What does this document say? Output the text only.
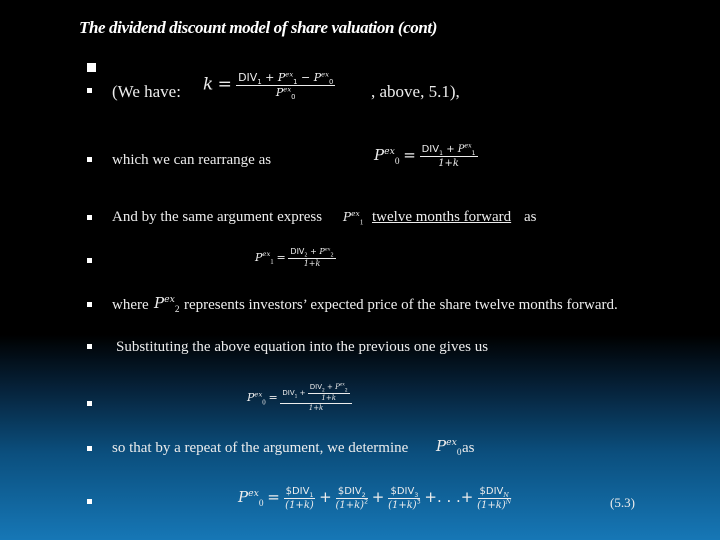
The dividend discount model of share valuation (cont)
(We have: $k = \frac{DIV_1 + P^{ex}_1 - P^{ex}_0}{P^{ex}_0}$ , above, 5.1),
which we can rearrange as	$P^{ex}_0 = \frac{DIV_1 + P^{ex}_1}{1+k}$
And by the same argument express $P^{ex}_1$ twelve months forward as
$P^{ex}_1 = \frac{DIV_2 + P^{ex}_2}{1+k}$
where $P^{ex}_2$ represents investors’ expected price of the share twelve months forward.
Substituting the above equation into the previous one gives us
$P^{ex}_0 = \frac{DIV_1 + \frac{DIV_2 + P^{ex}_2}{1+k}}{1+k}$
so that by a repeat of the argument, we determine $P^{ex}_0$ as
$P^{ex}_0 = \frac{\$DIV_1}{(1+k)} + \frac{\$DIV_2}{(1+k)^2} + \frac{\$DIV_3}{(1+k)^3}$ +. . .+ $\frac{\$DIV_N}{(1+k)^N}$	(5.3)
